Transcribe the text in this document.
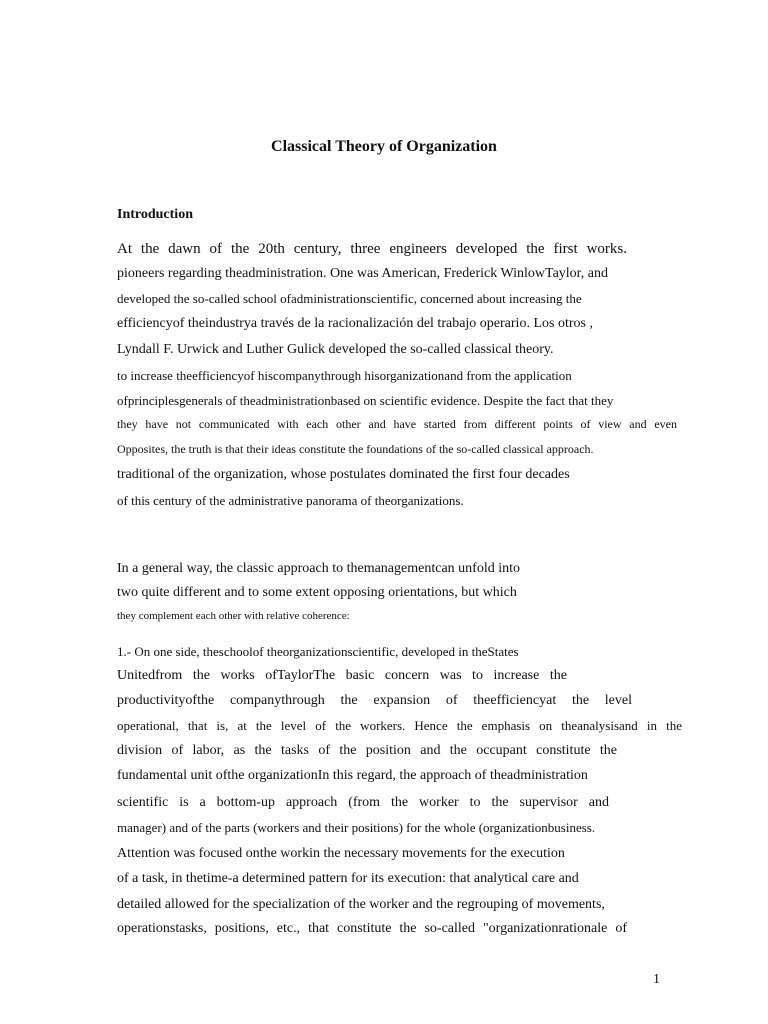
Classical Theory of Organization
Introduction
At the dawn of the 20th century, three engineers developed the first works.
pioneers regarding theadministration. One was American, Frederick WinlowTaylor, and
developed the so-called school ofadministrationscientific, concerned about increasing the
efficiencyof theindustrya través de la racionalización del trabajo operario. Los otros ,
Lyndall F. Urwick and Luther Gulick developed the so-called classical theory.
to increase theefficiencyof hiscompanythrough hisorganizationand from the application
ofprinciplesgenerals of theadministrationbased on scientific evidence. Despite the fact that they
they have not communicated with each other and have started from different points of view and even
Opposites, the truth is that their ideas constitute the foundations of the so-called classical approach.
traditional of the organization, whose postulates dominated the first four decades
of this century of the administrative panorama of theorganizations.
In a general way, the classic approach to themanagementcan unfold into
two quite different and to some extent opposing orientations, but which
they complement each other with relative coherence:
1.- On one side, theschoolof theorganizationscientific, developed in theStates
Unitedfrom the works ofTaylorThe basic concern was to increase the
productivityofthe companythrough the expansion of theefficiencyat the level
operational, that is, at the level of the workers. Hence the emphasis on theanalysisand in the
division of labor, as the tasks of the position and the occupant constitute the
fundamental unit ofthe organizationIn this regard, the approach of theadministration
scientific is a bottom-up approach (from the worker to the supervisor and
manager) and of the parts (workers and their positions) for the whole (organizationbusiness.
Attention was focused onthe workin the necessary movements for the execution
of a task, in thetime-a determined pattern for its execution: that analytical care and
detailed allowed for the specialization of the worker and the regrouping of movements,
operationstasks, positions, etc., that constitute the so-called "organizationrationale of
1
